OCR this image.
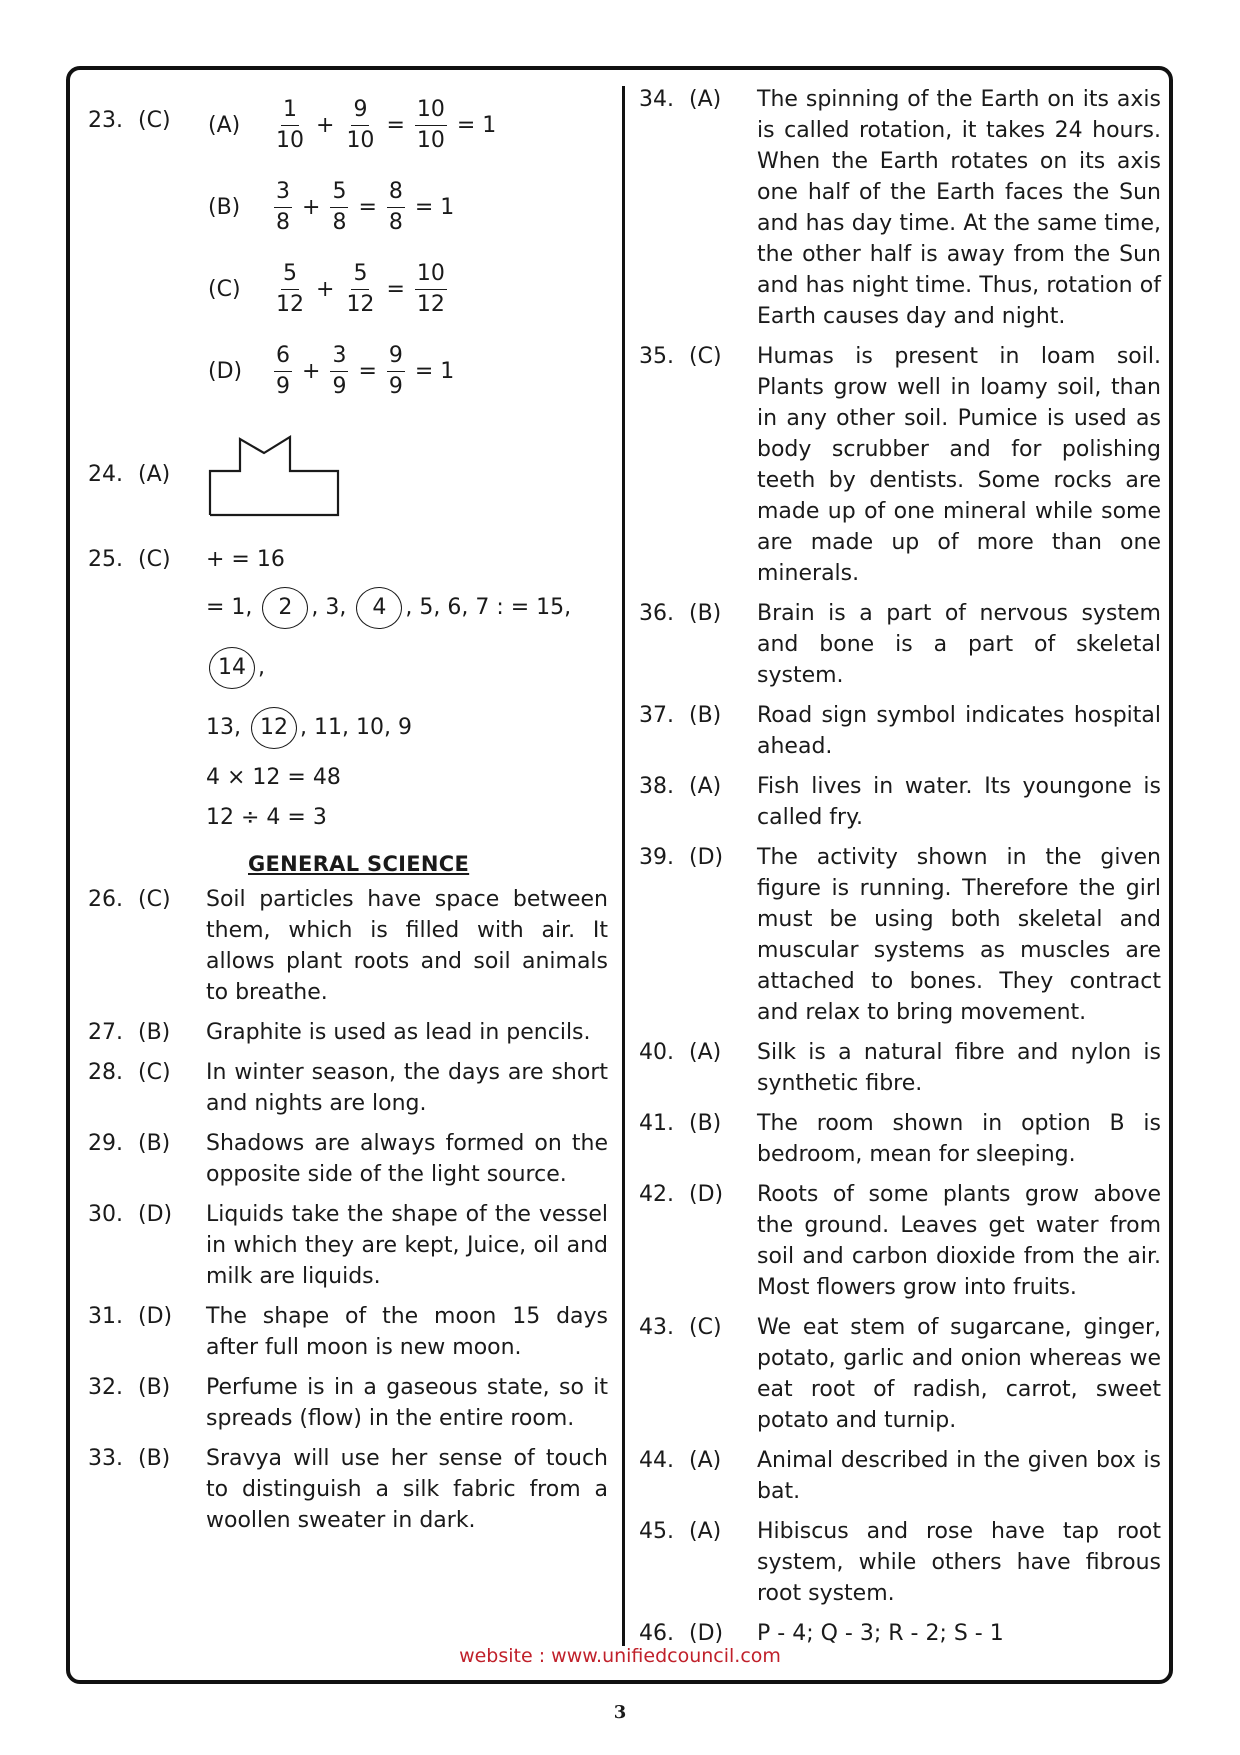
23. (C)	(A)	$\frac{1}{10} + \frac{9}{10} = \frac{10}{10} = 1$
(B)	$\frac{3}{8} + \frac{5}{8} = \frac{8}{8} = 1$
(C)	$\frac{5}{12} + \frac{5}{12} = \frac{10}{12}$
(D)	$\frac{6}{9} + \frac{3}{9} = \frac{9}{9} = 1$
24. (A)
25. (C)	+ = 16
= 1, 2 , 3, 4 , 5, 6, 7 : = 15, 14 ,
13, 12 , 11, 10, 9
4 × 12 = 48
12 ÷ 4 = 3
GENERAL SCIENCE
26. (C)	Soil particles have space between them, which is filled with air. It allows plant roots and soil animals to breathe.
27. (B)	Graphite is used as lead in pencils.
28. (C)	In winter season, the days are short and nights are long.
29. (B)	Shadows are always formed on the opposite side of the light source.
30. (D)	Liquids take the shape of the vessel in which they are kept, Juice, oil and milk are liquids.
31. (D)	The shape of the moon 15 days after full moon is new moon.
32. (B)	Perfume is in a gaseous state, so it spreads (flow) in the entire room.
33. (B)	Sravya will use her sense of touch to distinguish a silk fabric from a woollen sweater in dark.
34. (A)	The spinning of the Earth on its axis is called rotation, it takes 24 hours. When the Earth rotates on its axis one half of the Earth faces the Sun and has day time. At the same time, the other half is away from the Sun and has night time. Thus, rotation of Earth causes day and night.
35. (C)	Humas is present in loam soil. Plants grow well in loamy soil, than in any other soil. Pumice is used as body scrubber and for polishing teeth by dentists. Some rocks are made up of one mineral while some are made up of more than one minerals.
36. (B)	Brain is a part of nervous system and bone is a part of skeletal system.
37. (B)	Road sign symbol indicates hospital ahead.
38. (A)	Fish lives in water. Its youngone is called fry.
39. (D)	The activity shown in the given figure is running. Therefore the girl must be using both skeletal and muscular systems as muscles are attached to bones. They contract and relax to bring movement.
40. (A)	Silk is a natural fibre and nylon is synthetic fibre.
41. (B)	The room shown in option B is bedroom, mean for sleeping.
42. (D)	Roots of some plants grow above the ground. Leaves get water from soil and carbon dioxide from the air. Most flowers grow into fruits.
43. (C)	We eat stem of sugarcane, ginger, potato, garlic and onion whereas we eat root of radish, carrot, sweet potato and turnip.
44. (A)	Animal described in the given box is bat.
45. (A)	Hibiscus and rose have tap root system, while others have fibrous root system.
46. (D)	P - 4; Q - 3; R - 2; S - 1
website : www.unifiedcouncil.com
3
